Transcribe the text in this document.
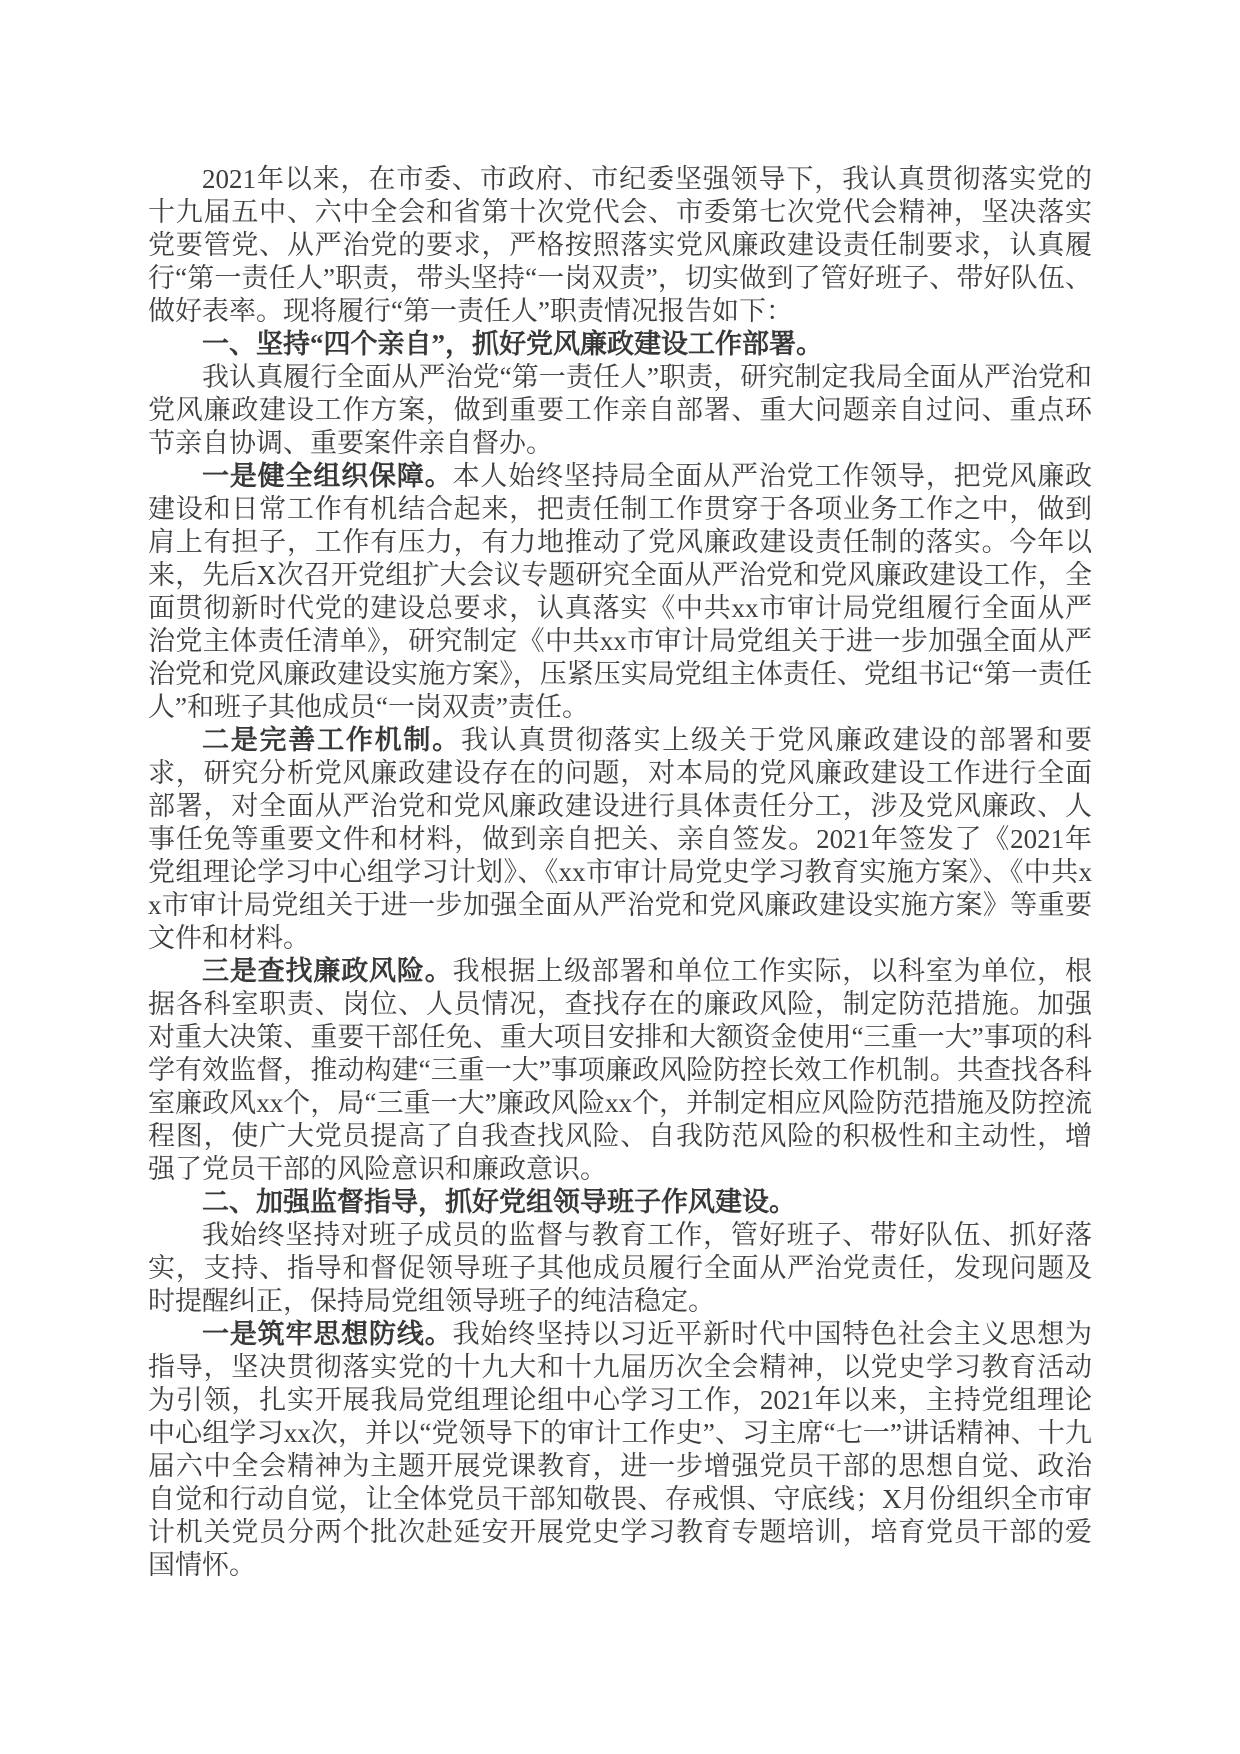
2021年以来，在市委、市政府、市纪委坚强领导下，我认真贯彻落实党的十九届五中、六中全会和省第十次党代会、市委第七次党代会精神，坚决落实党要管党、从严治党的要求，严格按照落实党风廉政建设责任制要求，认真履行“第一责任人”职责，带头坚持“一岗双责”，切实做到了管好班子、带好队伍、做好表率。现将履行“第一责任人”职责情况报告如下：

一、坚持“四个亲自”，抓好党风廉政建设工作部署。

我认真履行全面从严治党“第一责任人”职责，研究制定我局全面从严治党和党风廉政建设工作方案，做到重要工作亲自部署、重大问题亲自过问、重点环节亲自协调、重要案件亲自督办。

一是健全组织保障。本人始终坚持局全面从严治党工作领导，把党风廉政建设和日常工作有机结合起来，把责任制工作贯穿于各项业务工作之中，做到肩上有担子，工作有压力，有力地推动了党风廉政建设责任制的落实。今年以来，先后X次召开党组扩大会议专题研究全面从严治党和党风廉政建设工作，全面贯彻新时代党的建设总要求，认真落实《中共xx市审计局党组履行全面从严治党主体责任清单》，研究制定《中共xx市审计局党组关于进一步加强全面从严治党和党风廉政建设实施方案》，压紧压实局党组主体责任、党组书记“第一责任人”和班子其他成员“一岗双责”责任。

二是完善工作机制。我认真贯彻落实上级关于党风廉政建设的部署和要求，研究分析党风廉政建设存在的问题，对本局的党风廉政建设工作进行全面部署，对全面从严治党和党风廉政建设进行具体责任分工，涉及党风廉政、人事任免等重要文件和材料，做到亲自把关、亲自签发。2021年签发了《2021年党组理论学习中心组学习计划》、《xx市审计局党史学习教育实施方案》、《中共xx市审计局党组关于进一步加强全面从严治党和党风廉政建设实施方案》等重要文件和材料。

三是查找廉政风险。我根据上级部署和单位工作实际，以科室为单位，根据各科室职责、岗位、人员情况，查找存在的廉政风险，制定防范措施。加强对重大决策、重要干部任免、重大项目安排和大额资金使用“三重一大”事项的科学有效监督，推动构建“三重一大”事项廉政风险防控长效工作机制。共查找各科室廉政风xx个，局“三重一大”廉政风险xx个，并制定相应风险防范措施及防控流程图，使广大党员提高了自我查找风险、自我防范风险的积极性和主动性，增强了党员干部的风险意识和廉政意识。

二、加强监督指导，抓好党组领导班子作风建设。

我始终坚持对班子成员的监督与教育工作，管好班子、带好队伍、抓好落实，支持、指导和督促领导班子其他成员履行全面从严治党责任，发现问题及时提醒纠正，保持局党组领导班子的纯洁稳定。

一是筑牢思想防线。我始终坚持以习近平新时代中国特色社会主义思想为指导，坚决贯彻落实党的十九大和十九届历次全会精神，以党史学习教育活动为引领，扎实开展我局党组理论组中心学习工作，2021年以来，主持党组理论中心组学习xx次，并以“党领导下的审计工作史”、习主席“七一”讲话精神、十九届六中全会精神为主题开展党课教育，进一步增强党员干部的思想自觉、政治自觉和行动自觉，让全体党员干部知敬畏、存戒惧、守底线；X月份组织全市审计机关党员分两个批次赴延安开展党史学习教育专题培训，培育党员干部的爱国情怀。
